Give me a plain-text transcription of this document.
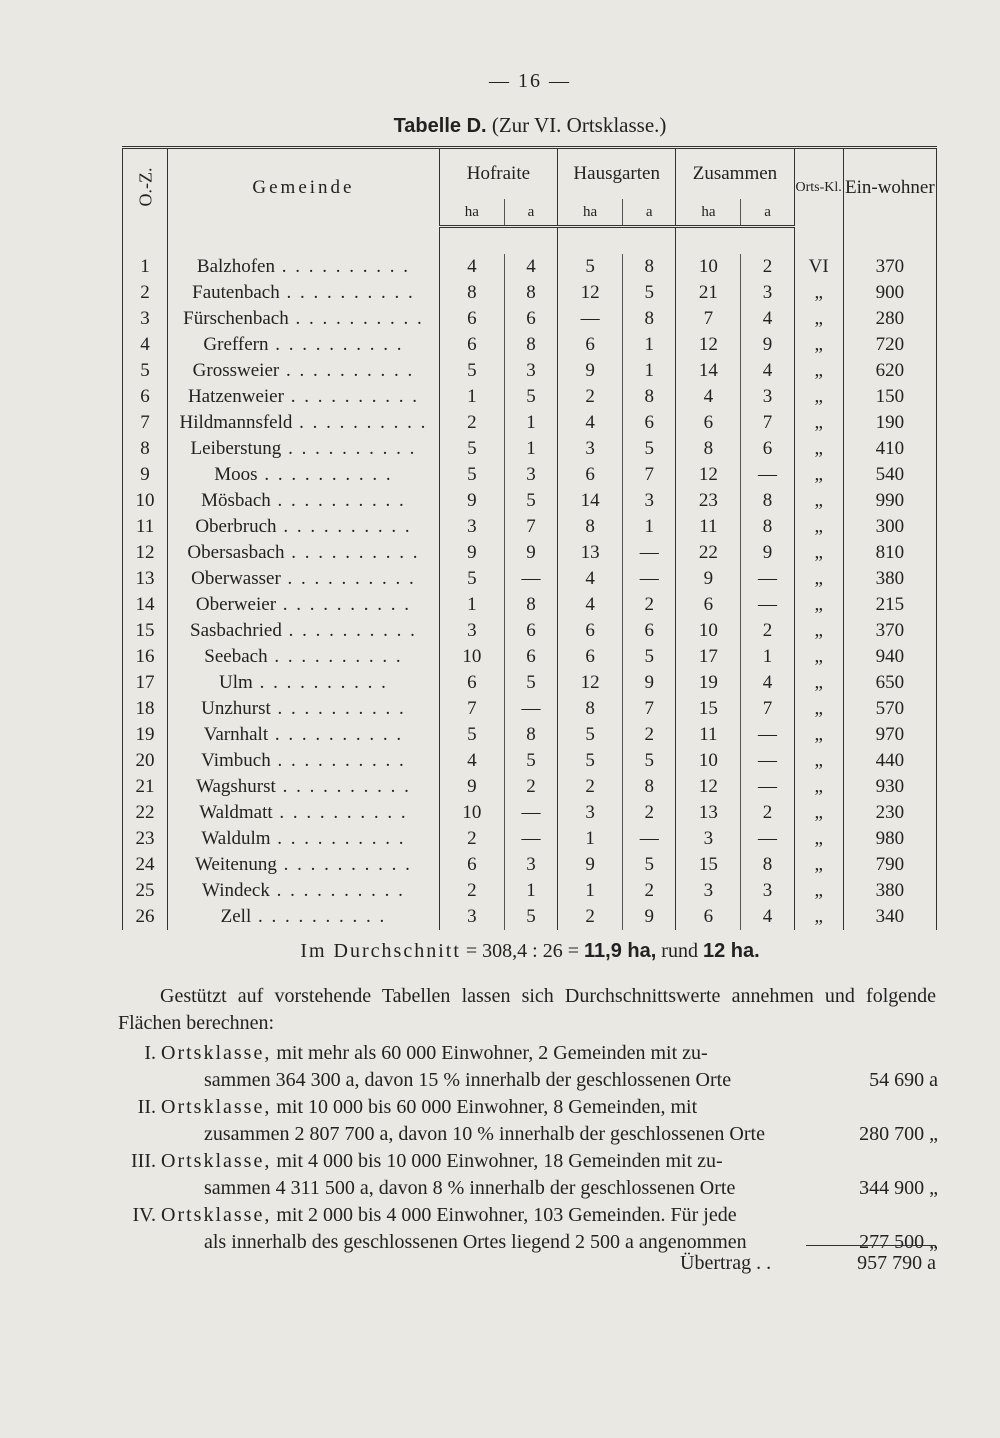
— 16 —
Tabelle D. (Zur VI. Ortsklasse.)
O.-Z.	Gemeinde	Hofraite		Hausgarten		Zusammen		Orts-Kl.	Ein-wohner
		ha	a	ha	a	ha	a		

1	Balzhofen . . . . . . . . . .	4	4	5	8	10	2	VI	370
2	Fautenbach . . . . . . . . . .	8	8	12	5	21	3	„	900
3	Fürschenbach . . . . . . . . . .	6	6	—	8	7	4	„	280
4	Greffern . . . . . . . . . .	6	8	6	1	12	9	„	720
5	Grossweier . . . . . . . . . .	5	3	9	1	14	4	„	620
6	Hatzenweier . . . . . . . . . .	1	5	2	8	4	3	„	150
7	Hildmannsfeld . . . . . . . . . .	2	1	4	6	6	7	„	190
8	Leiberstung . . . . . . . . . .	5	1	3	5	8	6	„	410
9	Moos . . . . . . . . . .	5	3	6	7	12	—	„	540
10	Mösbach . . . . . . . . . .	9	5	14	3	23	8	„	990
11	Oberbruch . . . . . . . . . .	3	7	8	1	11	8	„	300
12	Obersasbach . . . . . . . . . .	9	9	13	—	22	9	„	810
13	Oberwasser . . . . . . . . . .	5	—	4	—	9	—	„	380
14	Oberweier . . . . . . . . . .	1	8	4	2	6	—	„	215
15	Sasbachried . . . . . . . . . .	3	6	6	6	10	2	„	370
16	Seebach . . . . . . . . . .	10	6	6	5	17	1	„	940
17	Ulm . . . . . . . . . .	6	5	12	9	19	4	„	650
18	Unzhurst . . . . . . . . . .	7	—	8	7	15	7	„	570
19	Varnhalt . . . . . . . . . .	5	8	5	2	11	—	„	970
20	Vimbuch . . . . . . . . . .	4	5	5	5	10	—	„	440
21	Wagshurst . . . . . . . . . .	9	2	2	8	12	—	„	930
22	Waldmatt . . . . . . . . . .	10	—	3	2	13	2	„	230
23	Waldulm . . . . . . . . . .	2	—	1	—	3	—	„	980
24	Weitenung . . . . . . . . . .	6	3	9	5	15	8	„	790
25	Windeck . . . . . . . . . .	2	1	1	2	3	3	„	380
26	Zell . . . . . . . . . .	3	5	2	9	6	4	„	340
Im Durchschnitt = 308,4 : 26 = 11,9 ha, rund 12 ha.
Gestützt auf vorstehende Tabellen lassen sich Durchschnittswerte annehmen und folgende Flächen berechnen:
I. Ortsklasse, mit mehr als 60 000 Einwohner, 2 Gemeinden mit zu-
sammen 364 300 a, davon 15 % innerhalb der geschlossenen Orte	54 690 a
II. Ortsklasse, mit 10 000 bis 60 000 Einwohner, 8 Gemeinden, mit
zusammen 2 807 700 a, davon 10 % innerhalb der geschlossenen Orte	280 700 „
III. Ortsklasse, mit 4 000 bis 10 000 Einwohner, 18 Gemeinden mit zu-
sammen 4 311 500 a, davon 8 % innerhalb der geschlossenen Orte	344 900 „
IV. Ortsklasse, mit 2 000 bis 4 000 Einwohner, 103 Gemeinden. Für jede
als innerhalb des geschlossenen Ortes liegend 2 500 a angenommen	277 500 „
Übertrag . .	957 790 a
